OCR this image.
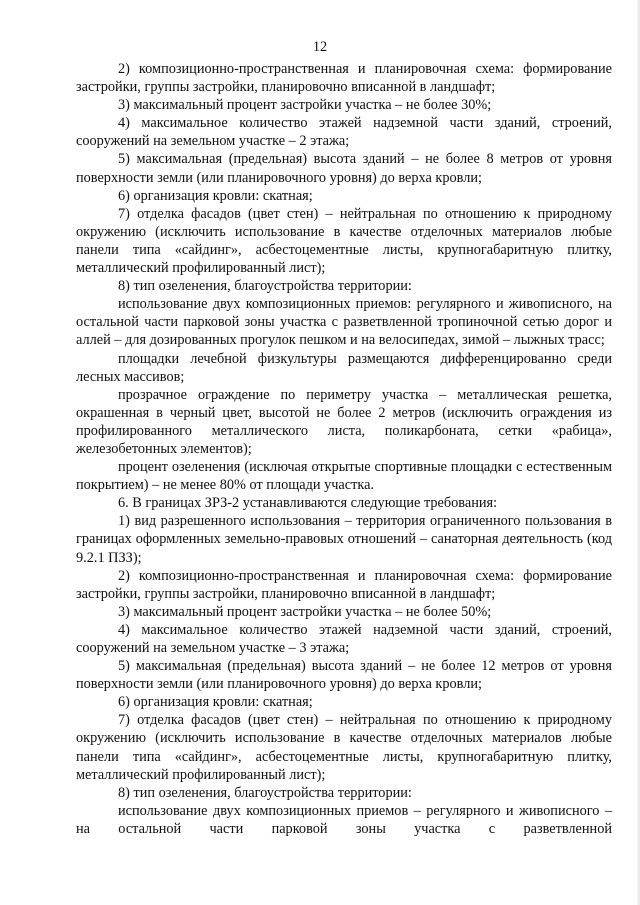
12

2) композиционно-пространственная и планировочная схема: формирование застройки, группы застройки, планировочно вписанной в ландшафт;

3) максимальный процент застройки участка – не более 30%;

4) максимальное количество этажей надземной части зданий, строений, сооружений на земельном участке – 2 этажа;

5) максимальная (предельная) высота зданий – не более 8 метров от уровня поверхности земли (или планировочного уровня) до верха кровли;

6) организация кровли: скатная;

7) отделка фасадов (цвет стен) – нейтральная по отношению к природному окружению (исключить использование в качестве отделочных материалов любые панели типа «сайдинг», асбестоцементные листы, крупногабаритную плитку, металлический профилированный лист);

8) тип озеленения, благоустройства территории:

использование двух композиционных приемов: регулярного и живописного, на остальной части парковой зоны участка с разветвленной тропиночной сетью дорог и аллей – для дозированных прогулок пешком и на велосипедах, зимой – лыжных трасс;

площадки лечебной физкультуры размещаются дифференцированно среди лесных массивов;

прозрачное ограждение по периметру участка – металлическая решетка, окрашенная в черный цвет, высотой не более 2 метров (исключить ограждения из профилированного металлического листа, поликарбоната, сетки «рабица», железобетонных элементов);

процент озеленения (исключая открытые спортивные площадки с естественным покрытием) – не менее 80% от площади участка.

6. В границах ЗРЗ-2 устанавливаются следующие требования:

1) вид разрешенного использования – территория ограниченного пользования в границах оформленных земельно-правовых отношений – санаторная деятельность (код 9.2.1 ПЗЗ);

2) композиционно-пространственная и планировочная схема: формирование застройки, группы застройки, планировочно вписанной в ландшафт;

3) максимальный процент застройки участка – не более 50%;

4) максимальное количество этажей надземной части зданий, строений, сооружений на земельном участке – 3 этажа;

5) максимальная (предельная) высота зданий – не более 12 метров от уровня поверхности земли (или планировочного уровня) до верха кровли;

6) организация кровли: скатная;

7) отделка фасадов (цвет стен) – нейтральная по отношению к природному окружению (исключить использование в качестве отделочных материалов любые панели типа «сайдинг», асбестоцементные листы, крупногабаритную плитку, металлический профилированный лист);

8) тип озеленения, благоустройства территории:

использование двух композиционных приемов – регулярного и живописного – на остальной части парковой зоны участка с разветвленной
